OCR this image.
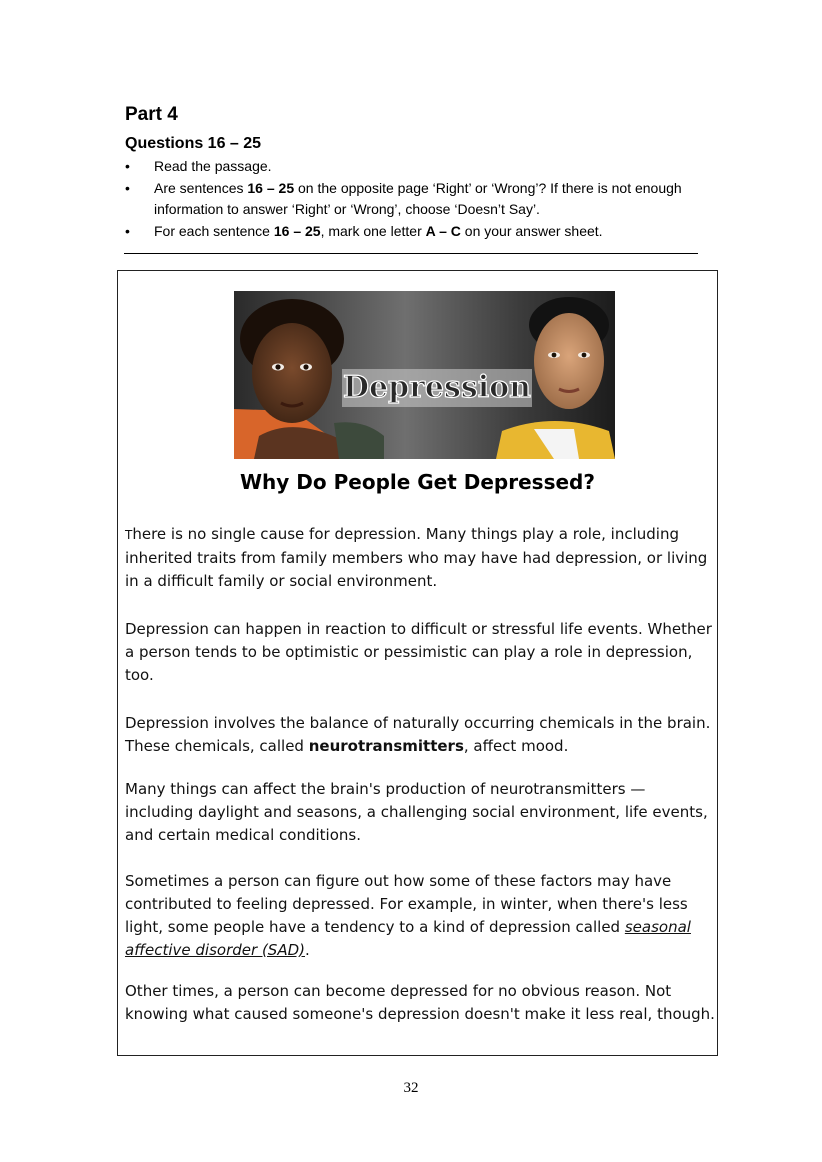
Part 4
Questions 16 – 25
• Read the passage.
• Are sentences 16 – 25 on the opposite page ‘Right’ or ‘Wrong’? If there is not enough information to answer ‘Right’ or ‘Wrong’, choose ‘Doesn’t Say’.
• For each sentence 16 – 25, mark one letter A – C on your answer sheet.
Depression
Why Do People Get Depressed?

There is no single cause for depression. Many things play a role, including inherited traits from family members who may have had depression, or living in a difficult family or social environment.

Depression can happen in reaction to difficult or stressful life events. Whether a person tends to be optimistic or pessimistic can play a role in depression, too.

Depression involves the balance of naturally occurring chemicals in the brain. These chemicals, called neurotransmitters, affect mood.

Many things can affect the brain's production of neurotransmitters — including daylight and seasons, a challenging social environment, life events, and certain medical conditions.

Sometimes a person can figure out how some of these factors may have contributed to feeling depressed. For example, in winter, when there's less light, some people have a tendency to a kind of depression called seasonal affective disorder (SAD).

Other times, a person can become depressed for no obvious reason. Not knowing what caused someone's depression doesn't make it less real, though.

32
